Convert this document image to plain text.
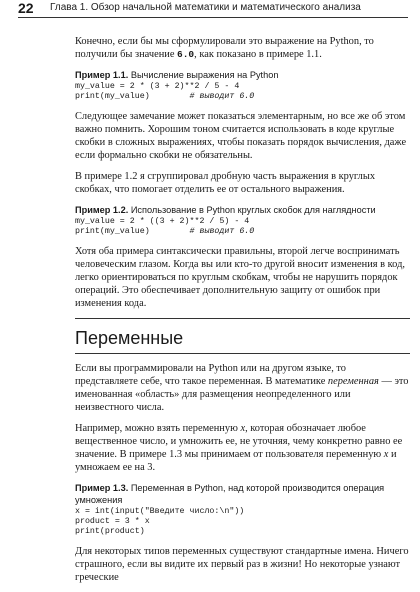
22 Глава 1. Обзор начальной математики и математического анализа

Конечно, если бы мы сформулировали это выражение на Python, то получили бы значение 6.0, как показано в примере 1.1.

Пример 1.1. Вычисление выражения на Python
my_value = 2 * (3 + 2)**2 / 5 - 4
print(my_value)	# выводит 6.0

Следующее замечание может показаться элементарным, но все же об этом важно помнить. Хорошим тоном считается использовать в коде круглые скобки в сложных выражениях, чтобы показать порядок вычисления, даже если формально скобки не обязательны.

В примере 1.2 я сгруппировал дробную часть выражения в круглых скобках, что помогает отделить ее от остального выражения.

Пример 1.2. Использование в Python круглых скобок для наглядности
my_value = 2 * ((3 + 2)**2 / 5) - 4
print(my_value)	# выводит 6.0

Хотя оба примера синтаксически правильны, второй легче воспринимать человеческим глазом. Когда вы или кто-то другой вносит изменения в код, легко ориентироваться по круглым скобкам, чтобы не нарушить порядок операций. Это обеспечивает дополнительную защиту от ошибок при изменения кода.

Переменные

Если вы программировали на Python или на другом языке, то представляете себе, что такое переменная. В математике переменная — это именованная «область» для размещения неопределенного или неизвестного числа.

Например, можно взять переменную x, которая обозначает любое вещественное число, и умножить ее, не уточняя, чему конкретно равно ее значение. В примере 1.3 мы принимаем от пользователя переменную x и умножаем ее на 3.

Пример 1.3. Переменная в Python, над которой производится операция умножения
x = int(input("Введите число:\n"))
product = 3 * x
print(product)

Для некоторых типов переменных существуют стандартные имена. Ничего страшного, если вы видите их первый раз в жизни! Но некоторые узнают греческие
